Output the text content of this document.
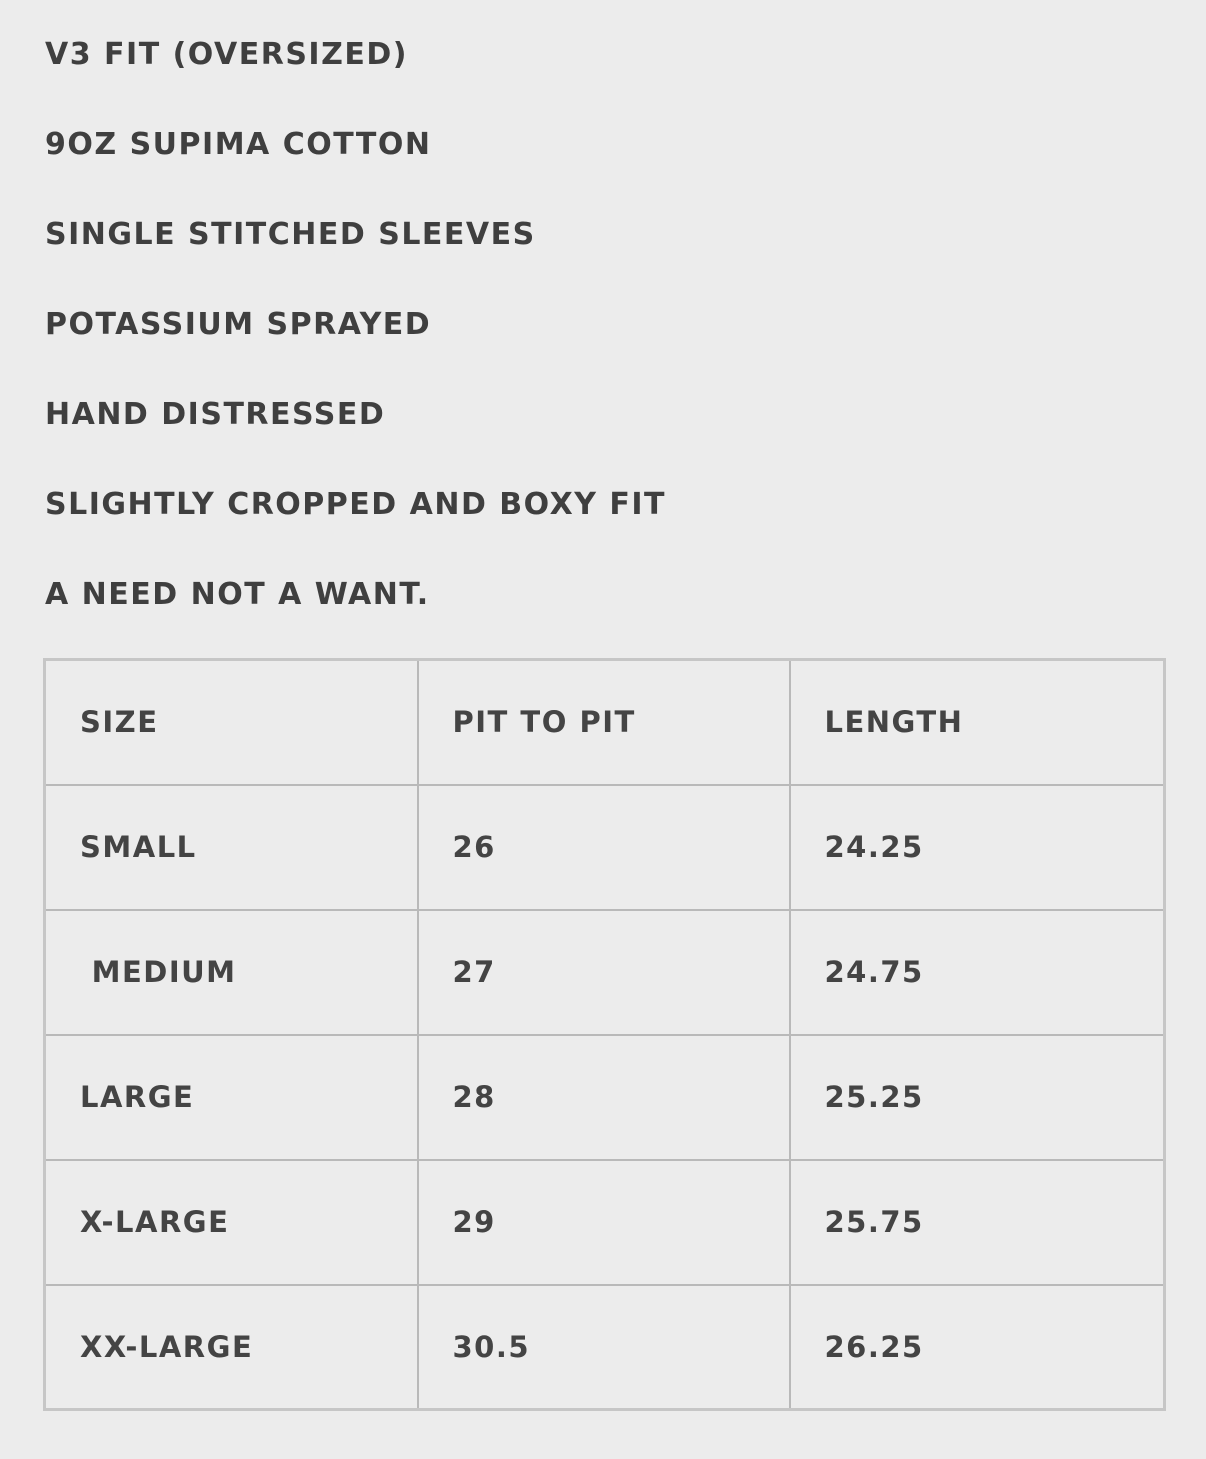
V3 FIT (OVERSIZED)
9OZ SUPIMA COTTON
SINGLE STITCHED SLEEVES
POTASSIUM SPRAYED
HAND DISTRESSED
SLIGHTLY CROPPED AND BOXY FIT
A NEED NOT A WANT.
SIZE	PIT TO PIT	LENGTH
SMALL	26	24.25
MEDIUM	27	24.75
LARGE	28	25.25
X-LARGE	29	25.75
XX-LARGE	30.5	26.25
